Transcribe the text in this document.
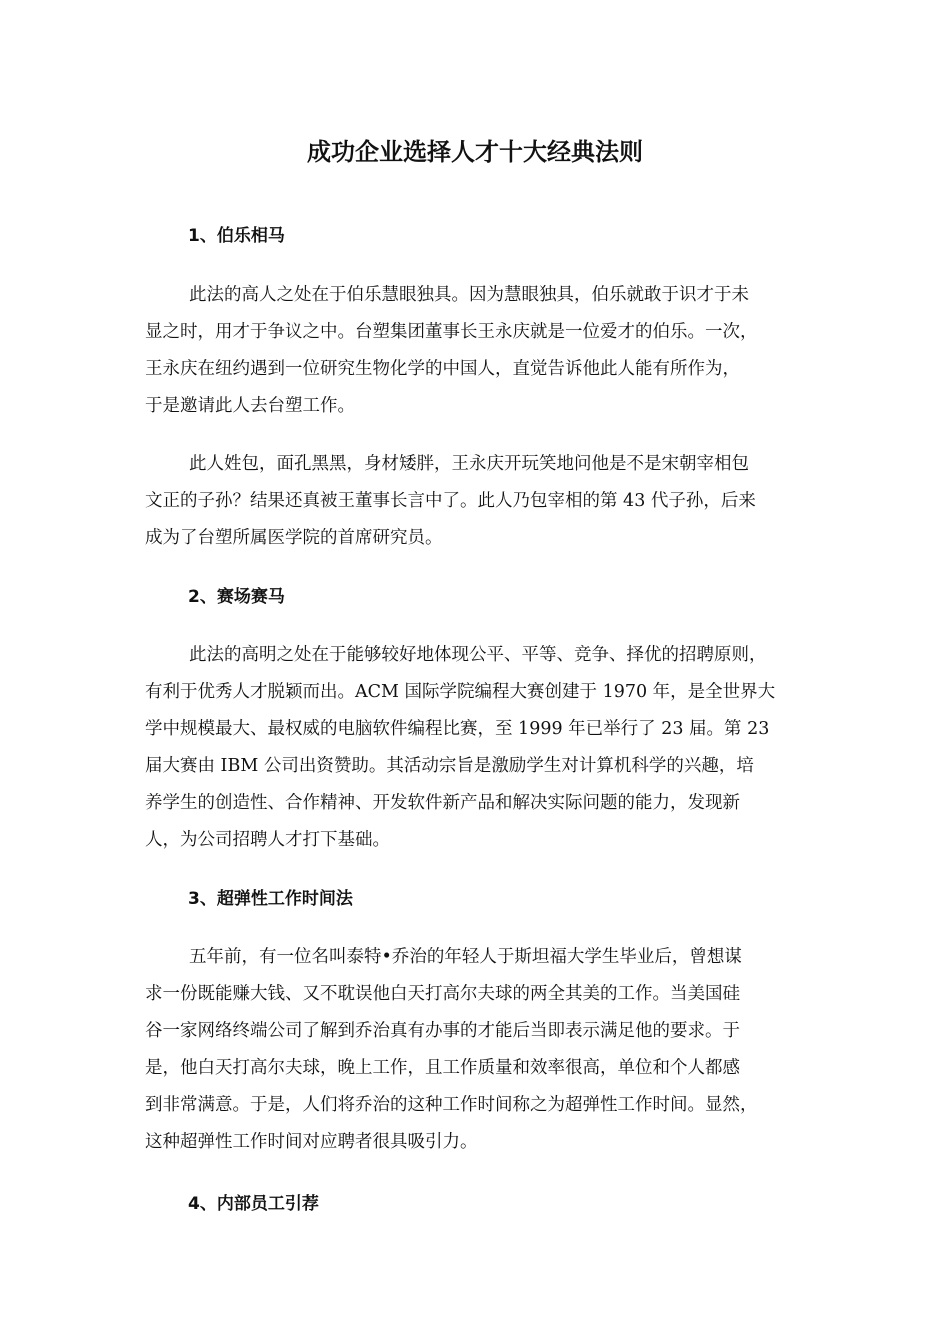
成功企业选择人才十大经典法则
1、伯乐相马

此法的高人之处在于伯乐慧眼独具。因为慧眼独具，伯乐就敢于识才于未
显之时，用才于争议之中。台塑集团董事长王永庆就是一位爱才的伯乐。一次，
王永庆在纽约遇到一位研究生物化学的中国人，直觉告诉他此人能有所作为，
于是邀请此人去台塑工作。

此人姓包，面孔黑黑，身材矮胖，王永庆开玩笑地问他是不是宋朝宰相包
文正的子孙？结果还真被王董事长言中了。此人乃包宰相的第 43 代子孙，后来
成为了台塑所属医学院的首席研究员。

2、赛场赛马

此法的高明之处在于能够较好地体现公平、平等、竞争、择优的招聘原则，
有利于优秀人才脱颖而出。ACM 国际学院编程大赛创建于 1970 年，是全世界大
学中规模最大、最权威的电脑软件编程比赛，至 1999 年已举行了 23 届。第 23
届大赛由 IBM 公司出资赞助。其活动宗旨是激励学生对计算机科学的兴趣，培
养学生的创造性、合作精神、开发软件新产品和解决实际问题的能力，发现新
人，为公司招聘人才打下基础。

3、超弹性工作时间法

五年前，有一位名叫泰特•乔治的年轻人于斯坦福大学生毕业后，曾想谋
求一份既能赚大钱、又不耽误他白天打高尔夫球的两全其美的工作。当美国硅
谷一家网络终端公司了解到乔治真有办事的才能后当即表示满足他的要求。于
是，他白天打高尔夫球，晚上工作，且工作质量和效率很高，单位和个人都感
到非常满意。于是，人们将乔治的这种工作时间称之为超弹性工作时间。显然，
这种超弹性工作时间对应聘者很具吸引力。

4、内部员工引荐
